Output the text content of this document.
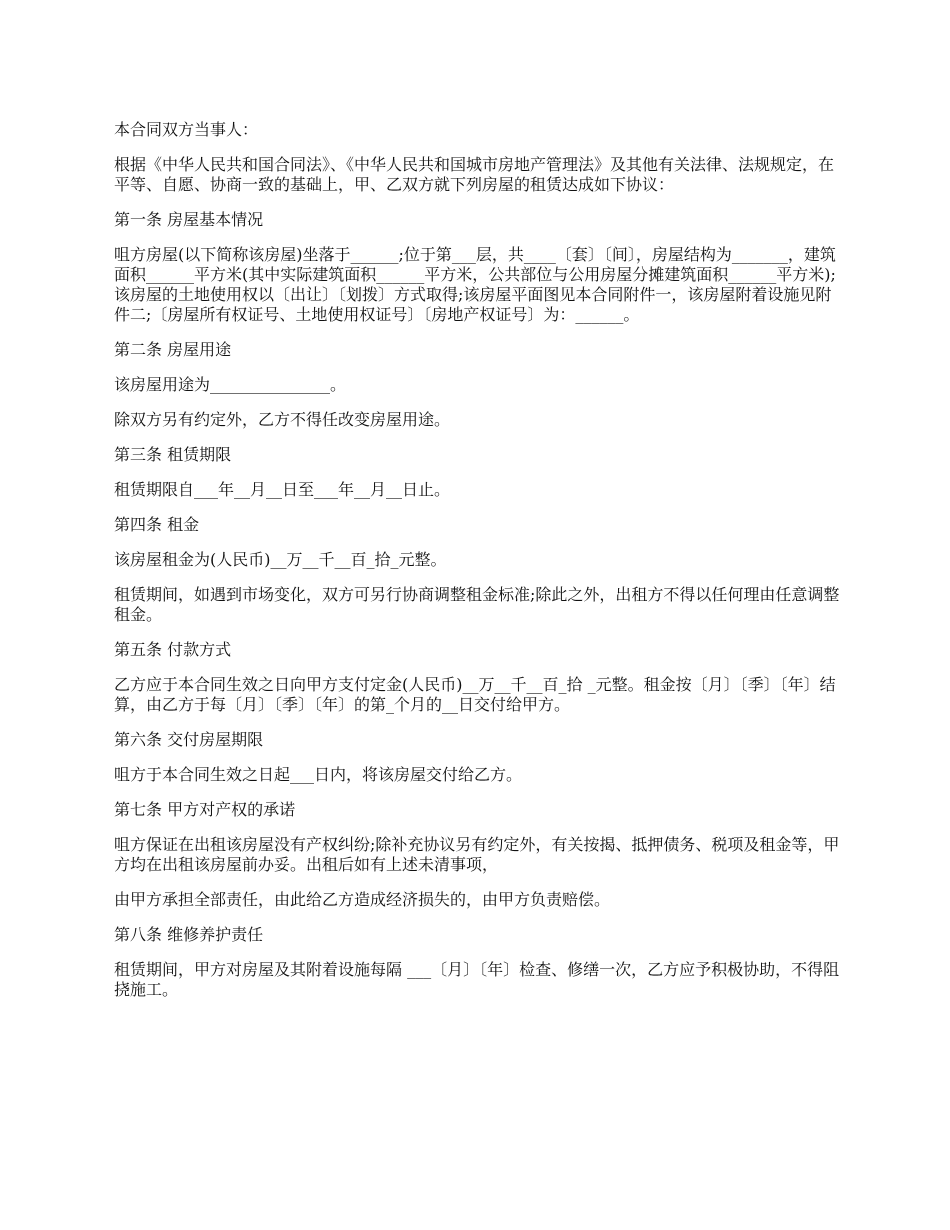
本合同双方当事人：

根据《中华人民共和国合同法》、《中华人民共和国城市房地产管理法》及其他有关法律、法规规定，在平等、自愿、协商一致的基础上，甲、乙双方就下列房屋的租赁达成如下协议：

第一条 房屋基本情况

咀方房屋(以下简称该房屋)坐落于______;位于第___层，共____〔套〕〔间〕，房屋结构为_______，建筑面积______平方米(其中实际建筑面积______平方米，公共部位与公用房屋分摊建筑面积______平方米);该房屋的土地使用权以〔出让〕〔划拨〕方式取得;该房屋平面图见本合同附件一，该房屋附着设施见附件二;〔房屋所有权证号、土地使用权证号〕〔房地产权证号〕为：______。

第二条 房屋用途

该房屋用途为_______________。

除双方另有约定外，乙方不得任改变房屋用途。

第三条 租赁期限

租赁期限自___年__月__日至___年__月__日止。

第四条 租金

该房屋租金为(人民币)__万__千__百_拾_元整。

租赁期间，如遇到市场变化，双方可另行协商调整租金标准;除此之外，出租方不得以任何理由任意调整租金。

第五条 付款方式

乙方应于本合同生效之日向甲方支付定金(人民币)__万__千__百_拾 _元整。租金按〔月〕〔季〕〔年〕结算，由乙方于每〔月〕〔季〕〔年〕的第_个月的__日交付给甲方。

第六条 交付房屋期限

咀方于本合同生效之日起___日内，将该房屋交付给乙方。

第七条 甲方对产权的承诺

咀方保证在出租该房屋没有产权纠纷;除补充协议另有约定外，有关按揭、抵押债务、税项及租金等，甲方均在出租该房屋前办妥。出租后如有上述未清事项，

由甲方承担全部责任，由此给乙方造成经济损失的，由甲方负责赔偿。

第八条 维修养护责任

租赁期间，甲方对房屋及其附着设施每隔 ___〔月〕〔年〕检查、修缮一次，乙方应予积极协助，不得阻挠施工。
